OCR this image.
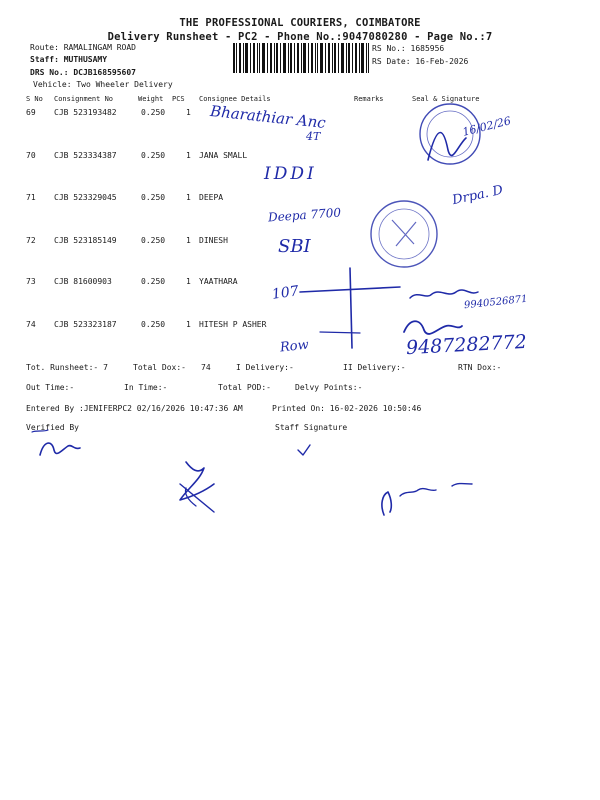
THE PROFESSIONAL COURIERS, COIMBATORE
Delivery Runsheet - PC2 - Phone No.:9047080280 - Page No.:7
Route: RAMALINGAM ROAD
Staff: MUTHUSAMY
DRS No.: DCJB168595607
Vehicle: Two Wheeler Delivery
RS No.: 1685956
RS Date: 16-Feb-2026
S No Consignment No	Weight PCS Consignee Details	Remarks	Seal & Signature
69 CJB 523193482	0.250	1
70 CJB 523334387	0.250	1 JANA SMALL
71 CJB 523329045	0.250	1 DEEPA
72 CJB 523185149	0.250	1 DINESH
73 CJB 81600903	0.250	1 YAATHARA
74 CJB 523323187	0.250	1 HITESH P ASHER
Tot. Runsheet:- 7	Total Dox:- 74	I Delivery:-	II Delivery:-	RTN Dox:-
Out Time:-	In Time:-	Total POD:-	Delvy Points:-
Entered By :JENIFERPC2 02/16/2026 10:47:36 AM	Printed On: 16-02-2026 10:50:46
Verified By	Staff Signature
Bharathiar Anc
4T
IDDI
Deepa 7700
SBI
Drpa. D
16/02/26
107	9940526871
Row	9487282772
